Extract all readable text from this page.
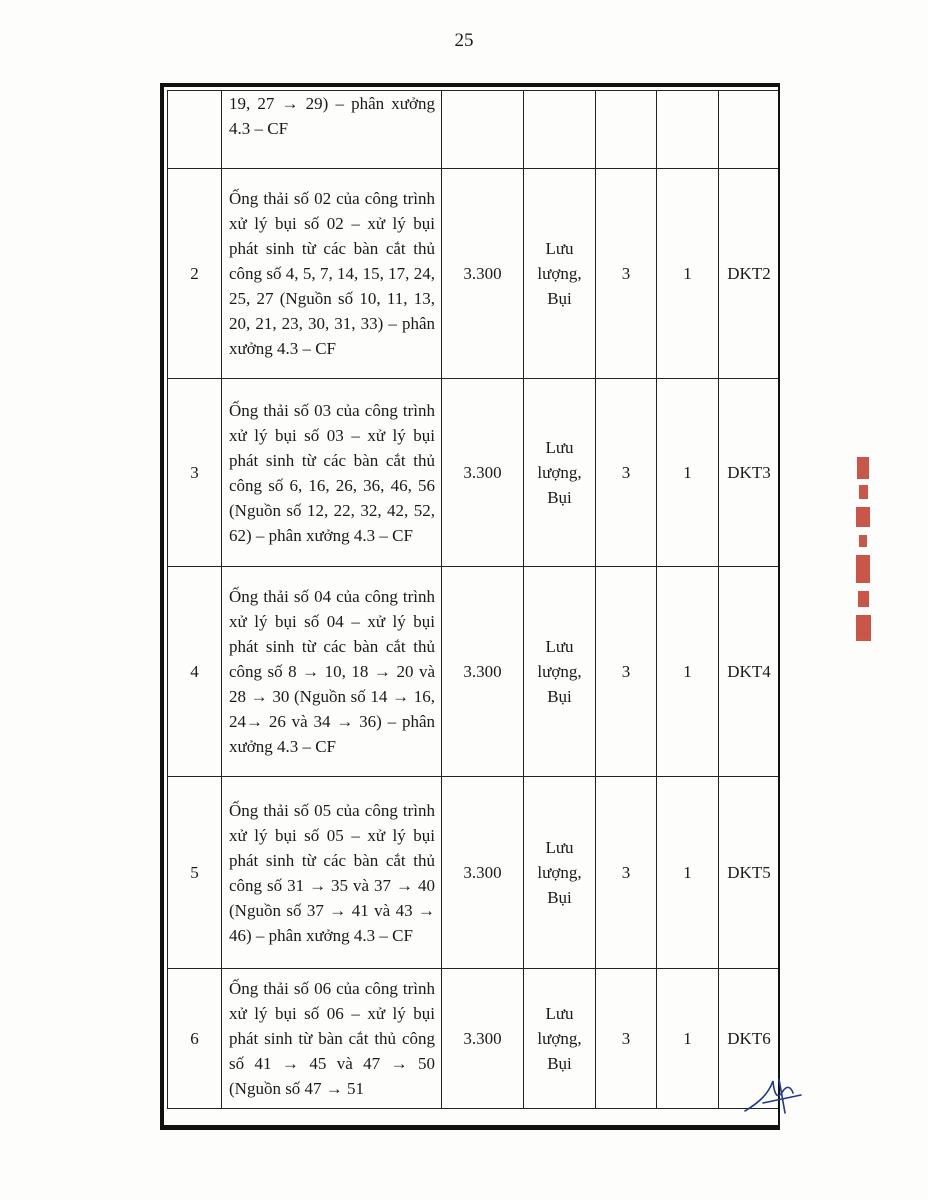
25
	19, 27 → 29) – phân xưởng 4.3 – CF					
2	Ống thải số 02 của công trình xử lý bụi số 02 – xử lý bụi phát sinh từ các bàn cắt thủ công số 4, 5, 7, 14, 15, 17, 24, 25, 27 (Nguồn số 10, 11, 13, 20, 21, 23, 30, 31, 33) – phân xưởng 4.3 – CF	3.300	Lưu lượng, Bụi	3	1	DKT2
3	Ống thải số 03 của công trình xử lý bụi số 03 – xử lý bụi phát sinh từ các bàn cắt thủ công số 6, 16, 26, 36, 46, 56 (Nguồn số 12, 22, 32, 42, 52, 62) – phân xưởng 4.3 – CF	3.300	Lưu lượng, Bụi	3	1	DKT3
4	Ống thải số 04 của công trình xử lý bụi số 04 – xử lý bụi phát sinh từ các bàn cắt thủ công số 8 → 10, 18 → 20 và 28 → 30 (Nguồn số 14 → 16, 24→ 26 và 34 → 36) – phân xưởng 4.3 – CF	3.300	Lưu lượng, Bụi	3	1	DKT4
5	Ống thải số 05 của công trình xử lý bụi số 05 – xử lý bụi phát sinh từ các bàn cắt thủ công số 31 → 35 và 37 → 40 (Nguồn số 37 → 41 và 43 → 46) – phân xưởng 4.3 – CF	3.300	Lưu lượng, Bụi	3	1	DKT5
6	Ống thải số 06 của công trình xử lý bụi số 06 – xử lý bụi phát sinh từ bàn cắt thủ công số 41 → 45 và 47 → 50 (Nguồn số 47 → 51	3.300	Lưu lượng, Bụi	3	1	DKT6
